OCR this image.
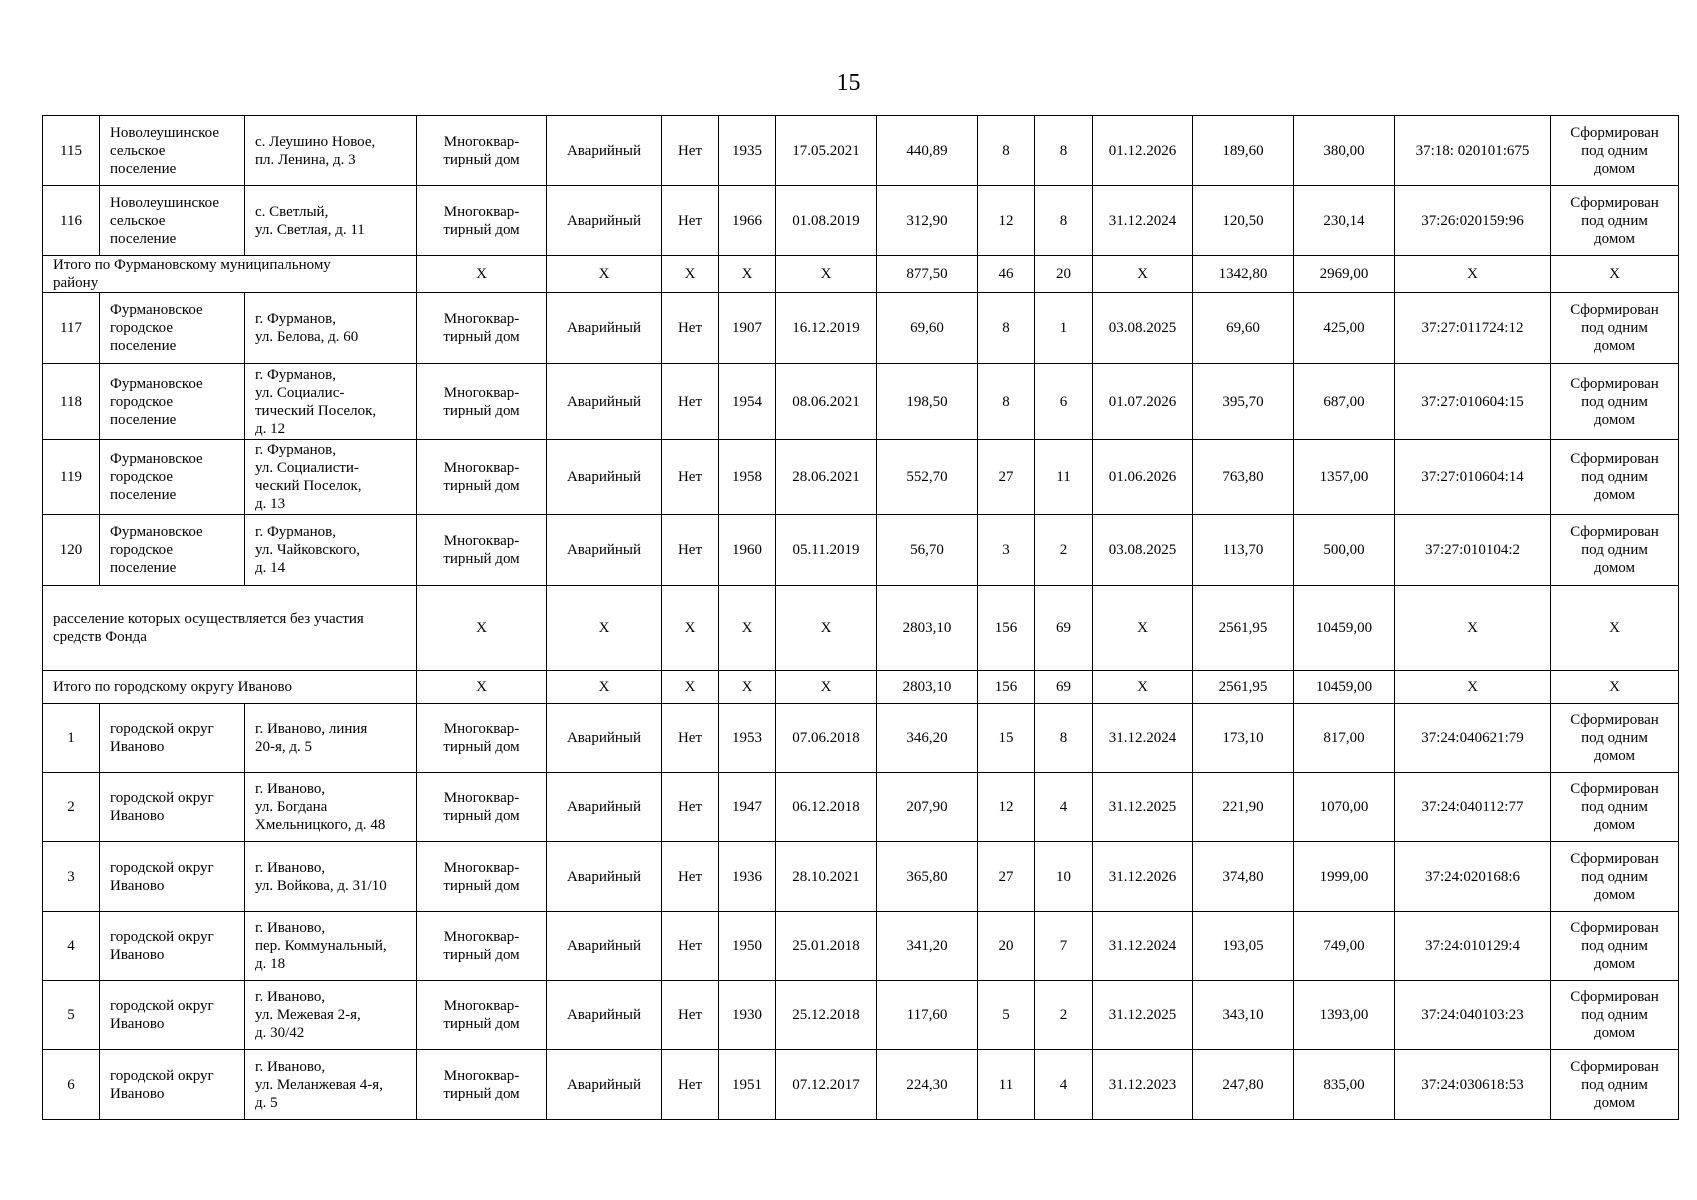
15
115	Новолеушинское
сельское
поселение	с. Леушино Новое,
пл. Ленина, д. 3	Многоквар-
тирный дом	Аварийный	Нет	1935	17.05.2021	440,89	8	8	01.12.2026	189,60	380,00	37:18: 020101:675	Сформирован
под одним
домом
116	Новолеушинское
сельское
поселение	с. Светлый,
ул. Светлая, д. 11	Многоквар-
тирный дом	Аварийный	Нет	1966	01.08.2019	312,90	12	8	31.12.2024	120,50	230,14	37:26:020159:96	Сформирован
под одним
домом
Итого по Фурмановскому муниципальному
району			X	X	X	X	X	877,50	46	20	X	1342,80	2969,00	X	X
117	Фурмановское
городское
поселение	г. Фурманов,
ул. Белова, д. 60	Многоквар-
тирный дом	Аварийный	Нет	1907	16.12.2019	69,60	8	1	03.08.2025	69,60	425,00	37:27:011724:12	Сформирован
под одним
домом
118	Фурмановское
городское
поселение	г. Фурманов,
ул. Социалис-
тический Поселок,
д. 12	Многоквар-
тирный дом	Аварийный	Нет	1954	08.06.2021	198,50	8	6	01.07.2026	395,70	687,00	37:27:010604:15	Сформирован
под одним
домом
119	Фурмановское
городское
поселение	г. Фурманов,
ул. Социалисти-
ческий Поселок,
д. 13	Многоквар-
тирный дом	Аварийный	Нет	1958	28.06.2021	552,70	27	11	01.06.2026	763,80	1357,00	37:27:010604:14	Сформирован
под одним
домом
120	Фурмановское
городское
поселение	г. Фурманов,
ул. Чайковского,
д. 14	Многоквар-
тирный дом	Аварийный	Нет	1960	05.11.2019	56,70	3	2	03.08.2025	113,70	500,00	37:27:010104:2	Сформирован
под одним
домом
расселение которых осуществляется без участия
средств Фонда			X	X	X	X	X	2803,10	156	69	X	2561,95	10459,00	X	X
Итого по городскому округу Иваново			X	X	X	X	X	2803,10	156	69	X	2561,95	10459,00	X	X
1	городской округ
Иваново	г. Иваново, линия
20-я, д. 5	Многоквар-
тирный дом	Аварийный	Нет	1953	07.06.2018	346,20	15	8	31.12.2024	173,10	817,00	37:24:040621:79	Сформирован
под одним
домом
2	городской округ
Иваново	г. Иваново,
ул. Богдана
Хмельницкого, д. 48	Многоквар-
тирный дом	Аварийный	Нет	1947	06.12.2018	207,90	12	4	31.12.2025	221,90	1070,00	37:24:040112:77	Сформирован
под одним
домом
3	городской округ
Иваново	г. Иваново,
ул. Войкова, д. 31/10	Многоквар-
тирный дом	Аварийный	Нет	1936	28.10.2021	365,80	27	10	31.12.2026	374,80	1999,00	37:24:020168:6	Сформирован
под одним
домом
4	городской округ
Иваново	г. Иваново,
пер. Коммунальный,
д. 18	Многоквар-
тирный дом	Аварийный	Нет	1950	25.01.2018	341,20	20	7	31.12.2024	193,05	749,00	37:24:010129:4	Сформирован
под одним
домом
5	городской округ
Иваново	г. Иваново,
ул. Межевая 2-я,
д. 30/42	Многоквар-
тирный дом	Аварийный	Нет	1930	25.12.2018	117,60	5	2	31.12.2025	343,10	1393,00	37:24:040103:23	Сформирован
под одним
домом
6	городской округ
Иваново	г. Иваново,
ул. Меланжевая 4-я,
д. 5	Многоквар-
тирный дом	Аварийный	Нет	1951	07.12.2017	224,30	11	4	31.12.2023	247,80	835,00	37:24:030618:53	Сформирован
под одним
домом
